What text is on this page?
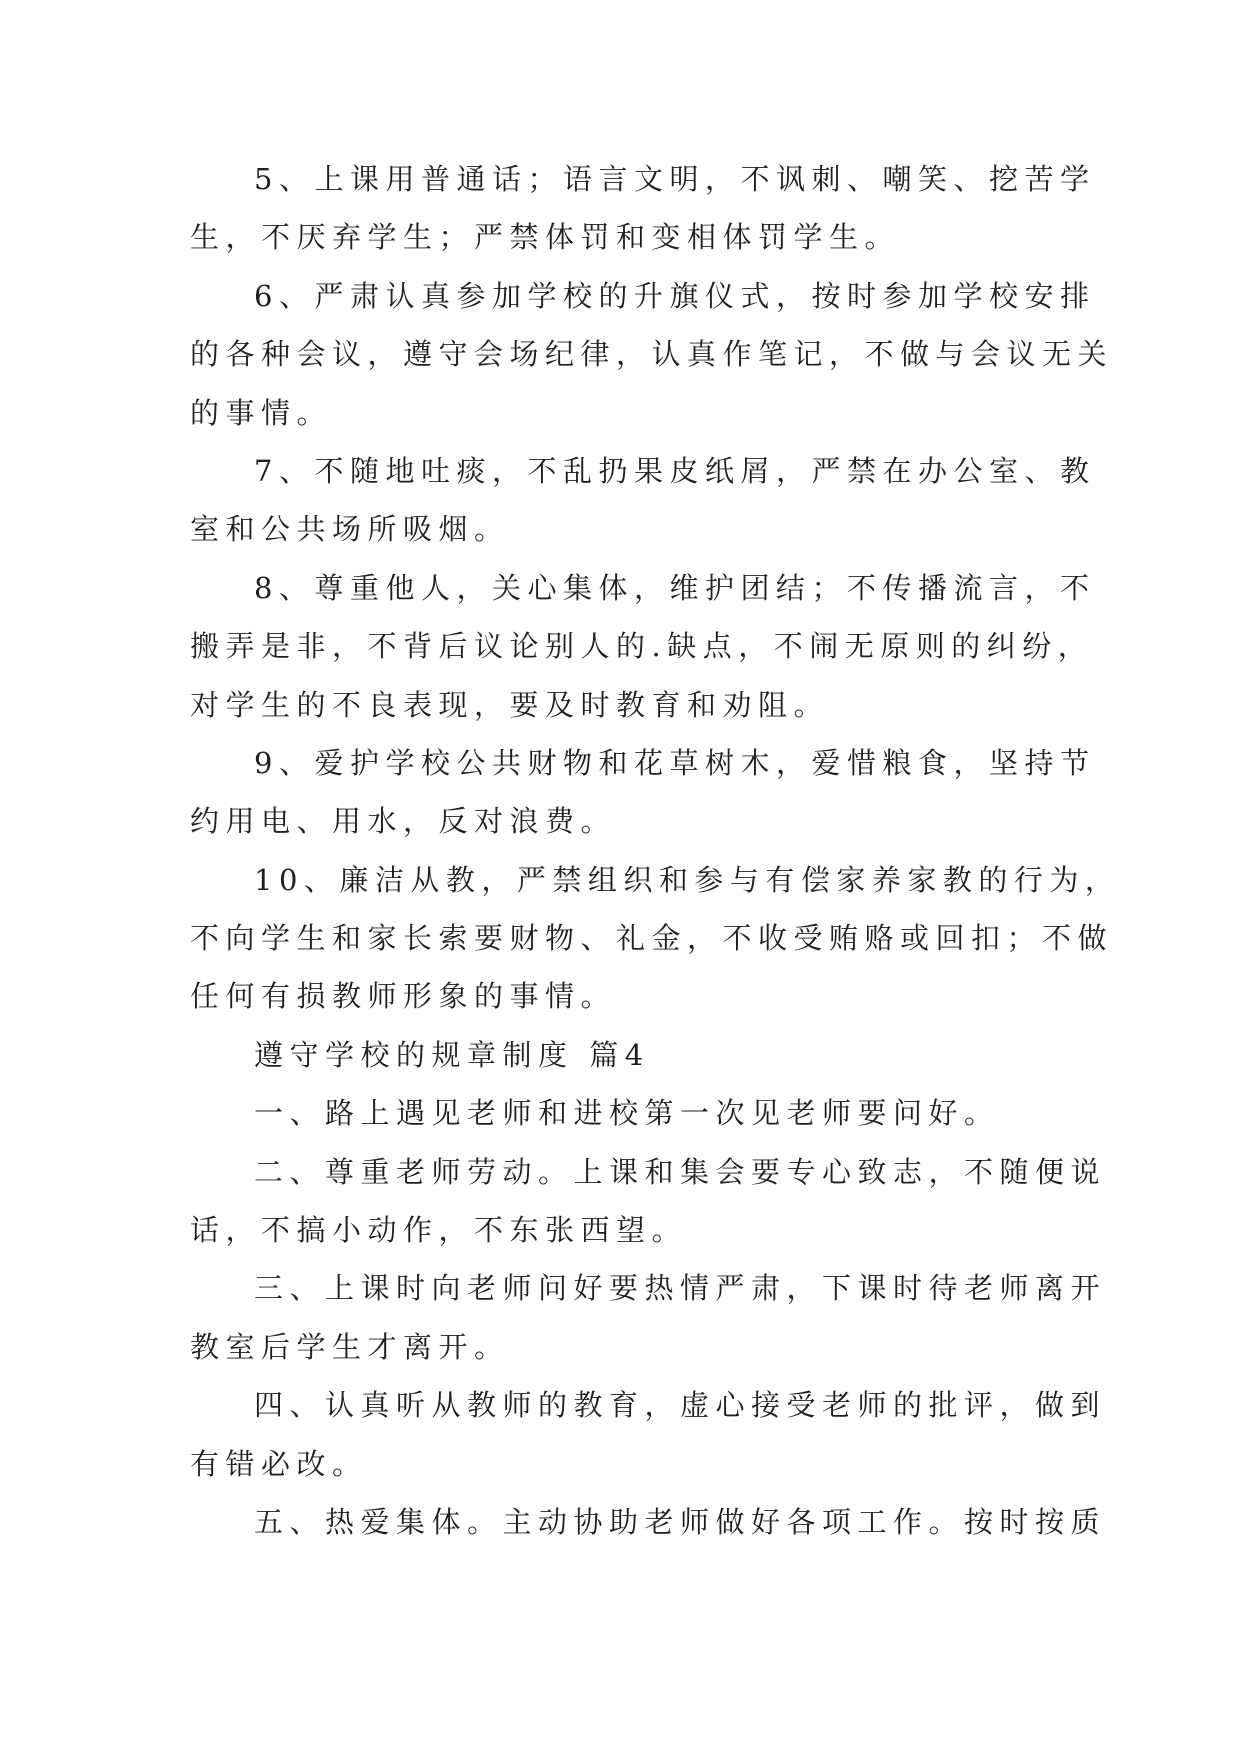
5、上课用普通话；语言文明，不讽刺、嘲笑、挖苦学
生，不厌弃学生；严禁体罚和变相体罚学生。
6、严肃认真参加学校的升旗仪式，按时参加学校安排
的各种会议，遵守会场纪律，认真作笔记，不做与会议无关
的事情。
7、不随地吐痰，不乱扔果皮纸屑，严禁在办公室、教
室和公共场所吸烟。
8、尊重他人，关心集体，维护团结；不传播流言，不
搬弄是非，不背后议论别人的.缺点，不闹无原则的纠纷，
对学生的不良表现，要及时教育和劝阻。
9、爱护学校公共财物和花草树木，爱惜粮食，坚持节
约用电、用水，反对浪费。
10、廉洁从教，严禁组织和参与有偿家养家教的行为，
不向学生和家长索要财物、礼金，不收受贿赂或回扣；不做
任何有损教师形象的事情。
遵守学校的规章制度 篇4
一、路上遇见老师和进校第一次见老师要问好。
二、尊重老师劳动。上课和集会要专心致志，不随便说
话，不搞小动作，不东张西望。
三、上课时向老师问好要热情严肃，下课时待老师离开
教室后学生才离开。
四、认真听从教师的教育，虚心接受老师的批评，做到
有错必改。
五、热爱集体。主动协助老师做好各项工作。按时按质
